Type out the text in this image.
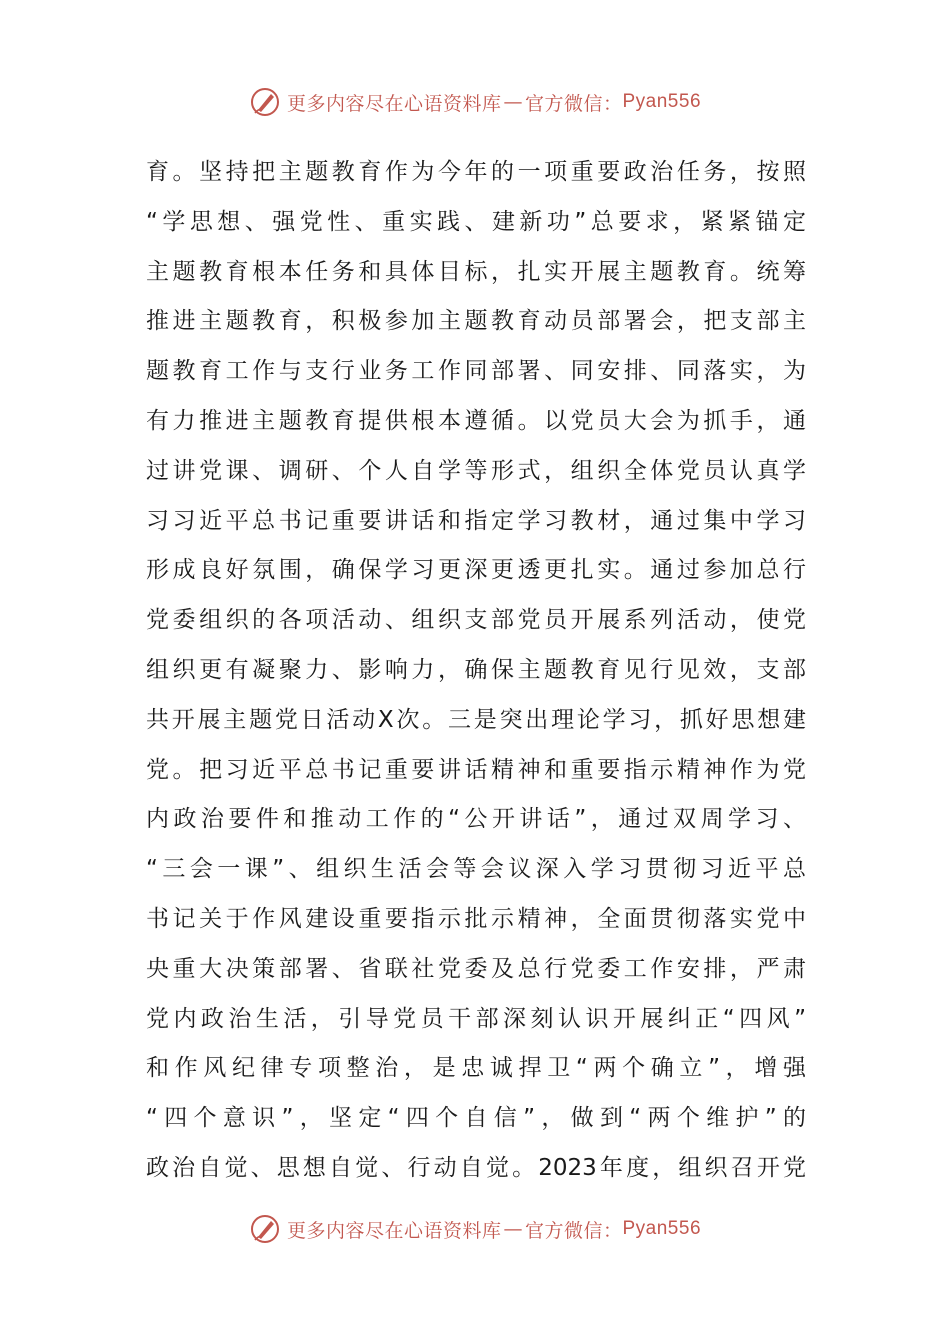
更多内容尽在心语资料库 — 官方微信： Pyan556
育。坚持把主题教育作为今年的一项重要政治任务，按照
“学思想、强党性、重实践、建新功”总要求，紧紧锚定
主题教育根本任务和具体目标，扎实开展主题教育。统筹
推进主题教育，积极参加主题教育动员部署会，把支部主
题教育工作与支行业务工作同部署、同安排、同落实，为
有力推进主题教育提供根本遵循。以党员大会为抓手，通
过讲党课、调研、个人自学等形式，组织全体党员认真学
习习近平总书记重要讲话和指定学习教材，通过集中学习
形成良好氛围，确保学习更深更透更扎实。通过参加总行
党委组织的各项活动、组织支部党员开展系列活动，使党
组织更有凝聚力、影响力，确保主题教育见行见效，支部
共开展主题党日活动X次。三是突出理论学习，抓好思想建
党。把习近平总书记重要讲话精神和重要指示精神作为党
内政治要件和推动工作的“公开讲话”，通过双周学习、
“三会一课”、组织生活会等会议深入学习贯彻习近平总
书记关于作风建设重要指示批示精神，全面贯彻落实党中
央重大决策部署、省联社党委及总行党委工作安排，严肃
党内政治生活，引导党员干部深刻认识开展纠正“四风”
和作风纪律专项整治，是忠诚捍卫“两个确立”，增强
“四个意识”，坚定“四个自信”，做到“两个维护”的
政治自觉、思想自觉、行动自觉。2023年度，组织召开党
更多内容尽在心语资料库 — 官方微信： Pyan556
